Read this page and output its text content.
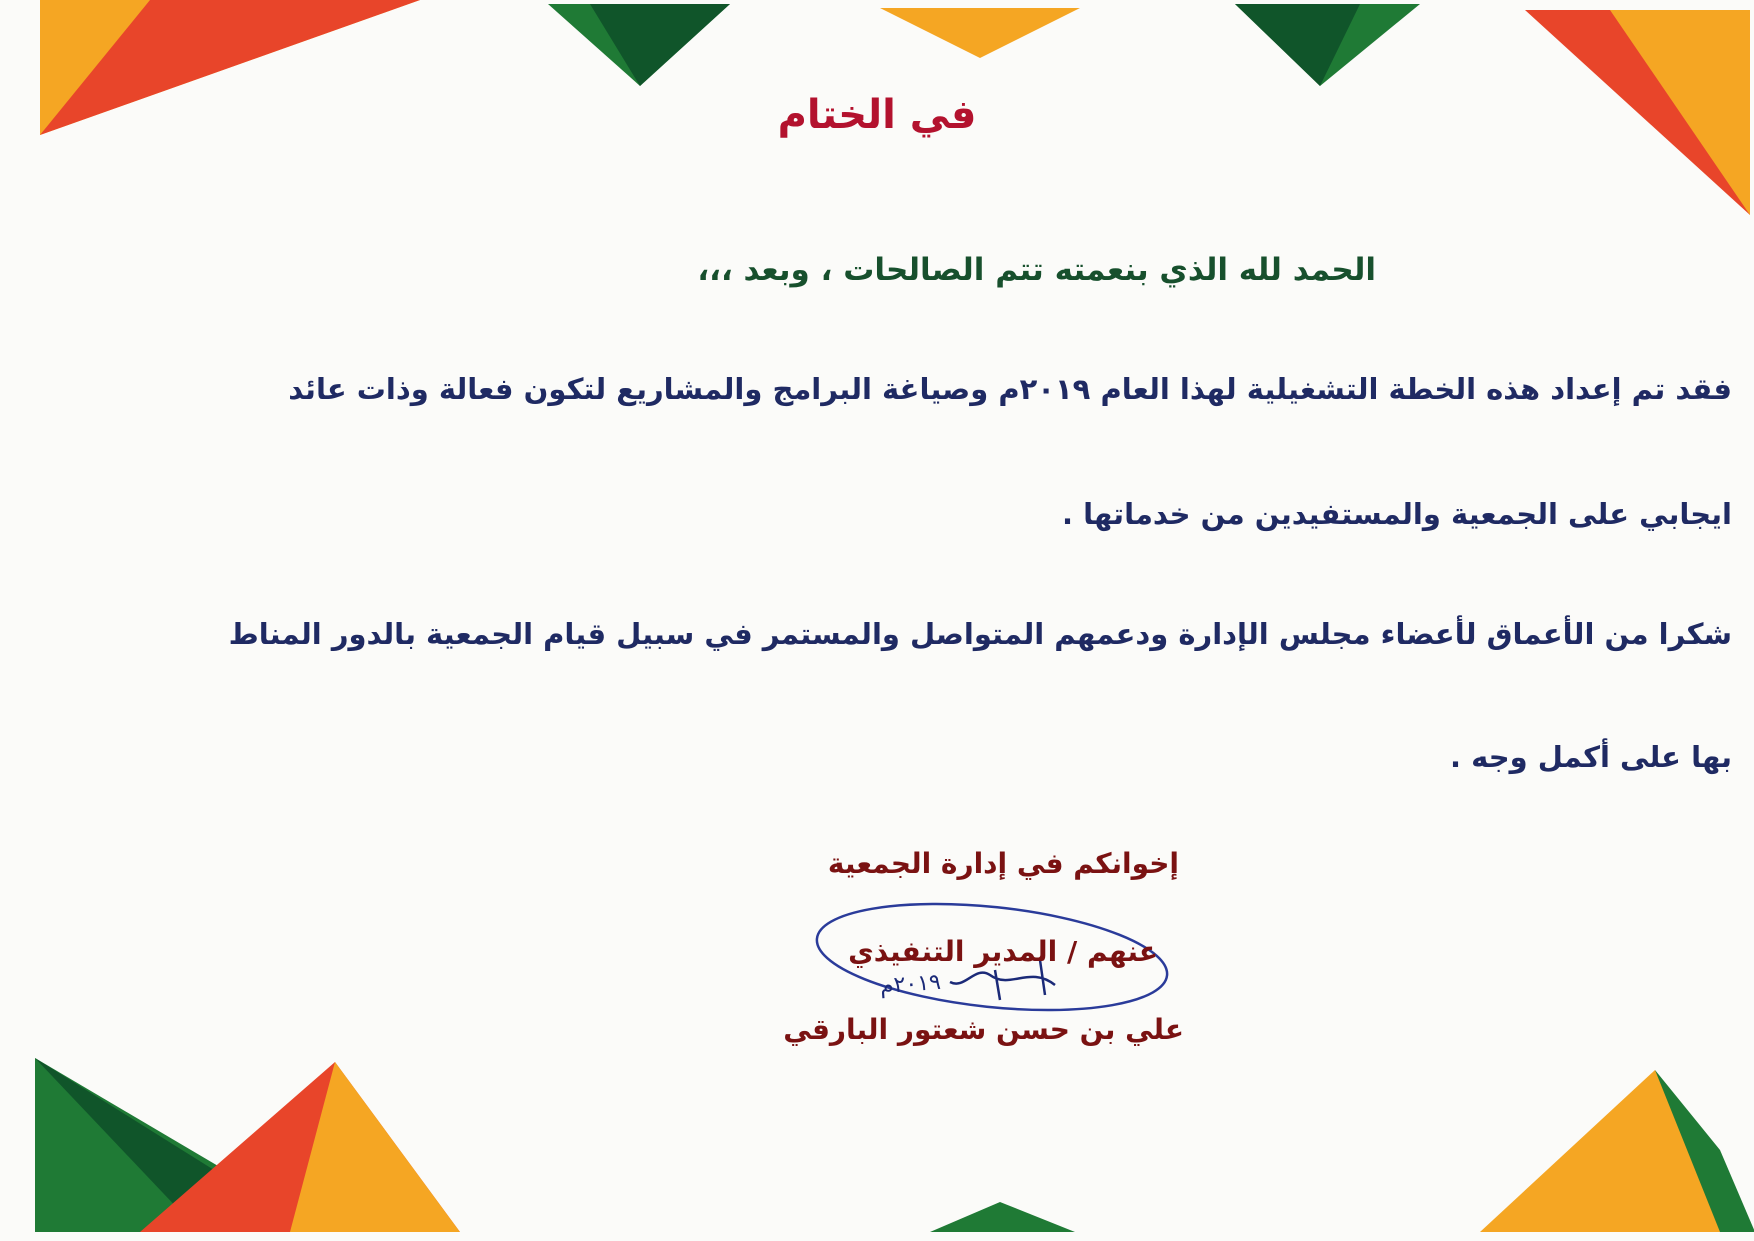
في الختام
الحمد لله الذي بنعمته تتم الصالحات ، وبعد ،،،
فقد تم إعداد هذه الخطة التشغيلية لهذا العام ٢٠١٩م وصياغة البرامج والمشاريع لتكون فعالة وذات عائد
ايجابي على الجمعية والمستفيدين من خدماتها .
شكرا من الأعماق لأعضاء مجلس الإدارة ودعمهم المتواصل والمستمر في سبيل قيام الجمعية بالدور المناط
بها على أكمل وجه .
إخوانكم في إدارة الجمعية
عنهم / المدير التنفيذي
٢٠١٩م
علي بن حسن شعتور البارقي
